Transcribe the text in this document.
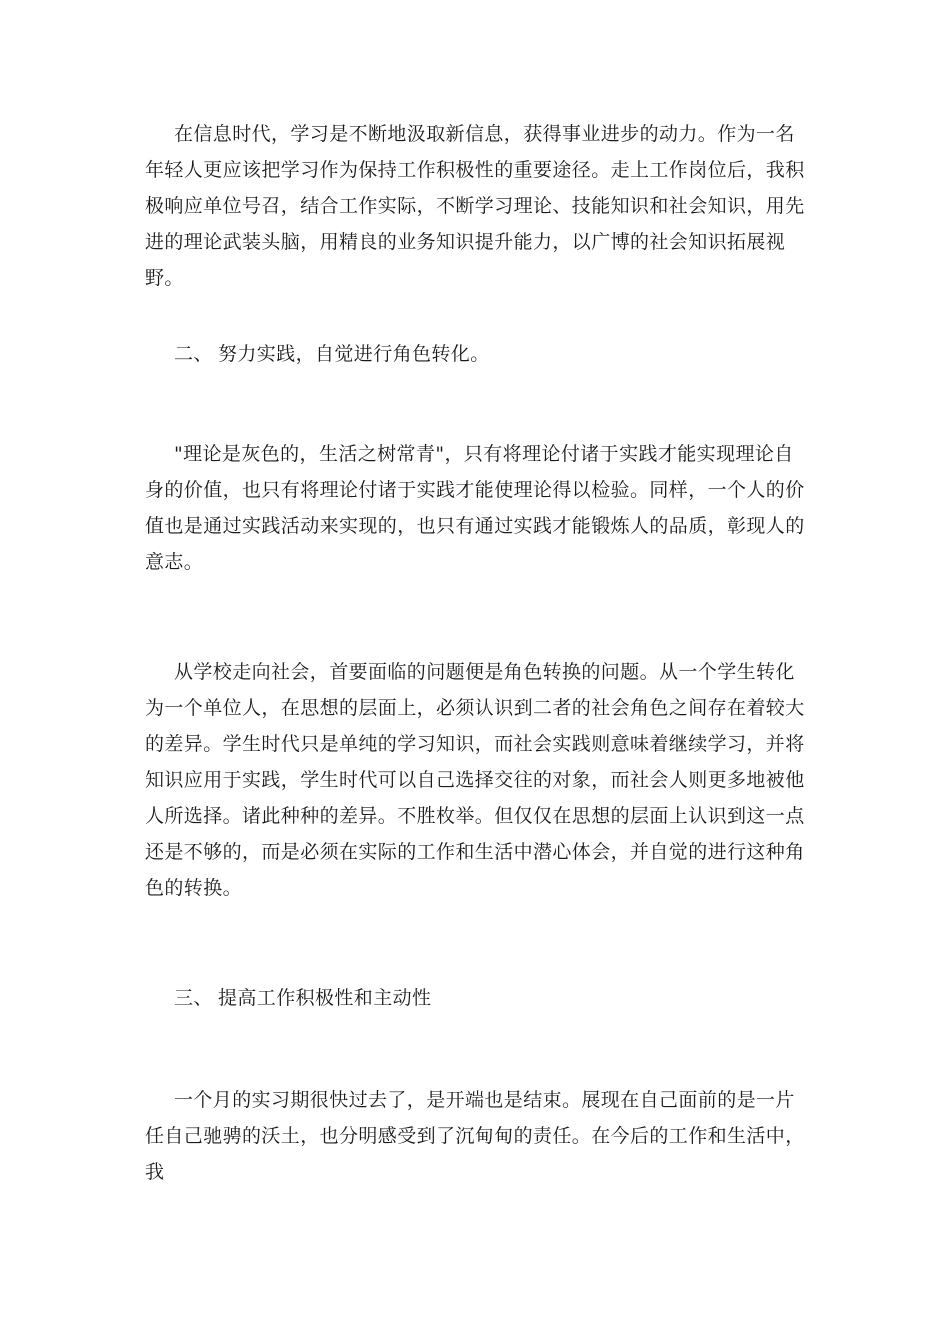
在信息时代，学习是不断地汲取新信息，获得事业进步的动力。作为一名年轻人更应该把学习作为保持工作积极性的重要途径。走上工作岗位后，我积极响应单位号召，结合工作实际，不断学习理论、技能知识和社会知识，用先进的理论武装头脑，用精良的业务知识提升能力，以广博的社会知识拓展视野。

二、 努力实践，自觉进行角色转化。

"理论是灰色的，生活之树常青"，只有将理论付诸于实践才能实现理论自身的价值，也只有将理论付诸于实践才能使理论得以检验。同样，一个人的价值也是通过实践活动来实现的，也只有通过实践才能锻炼人的品质，彰现人的意志。

从学校走向社会，首要面临的问题便是角色转换的问题。从一个学生转化为一个单位人，在思想的层面上，必须认识到二者的社会角色之间存在着较大的差异。学生时代只是单纯的学习知识，而社会实践则意味着继续学习，并将知识应用于实践，学生时代可以自己选择交往的对象，而社会人则更多地被他人所选择。诸此种种的差异。不胜枚举。但仅仅在思想的层面上认识到这一点还是不够的，而是必须在实际的工作和生活中潜心体会，并自觉的进行这种角色的转换。

三、 提高工作积极性和主动性

一个月的实习期很快过去了，是开端也是结束。展现在自己面前的是一片任自己驰骋的沃土，也分明感受到了沉甸甸的责任。在今后的工作和生活中，我
